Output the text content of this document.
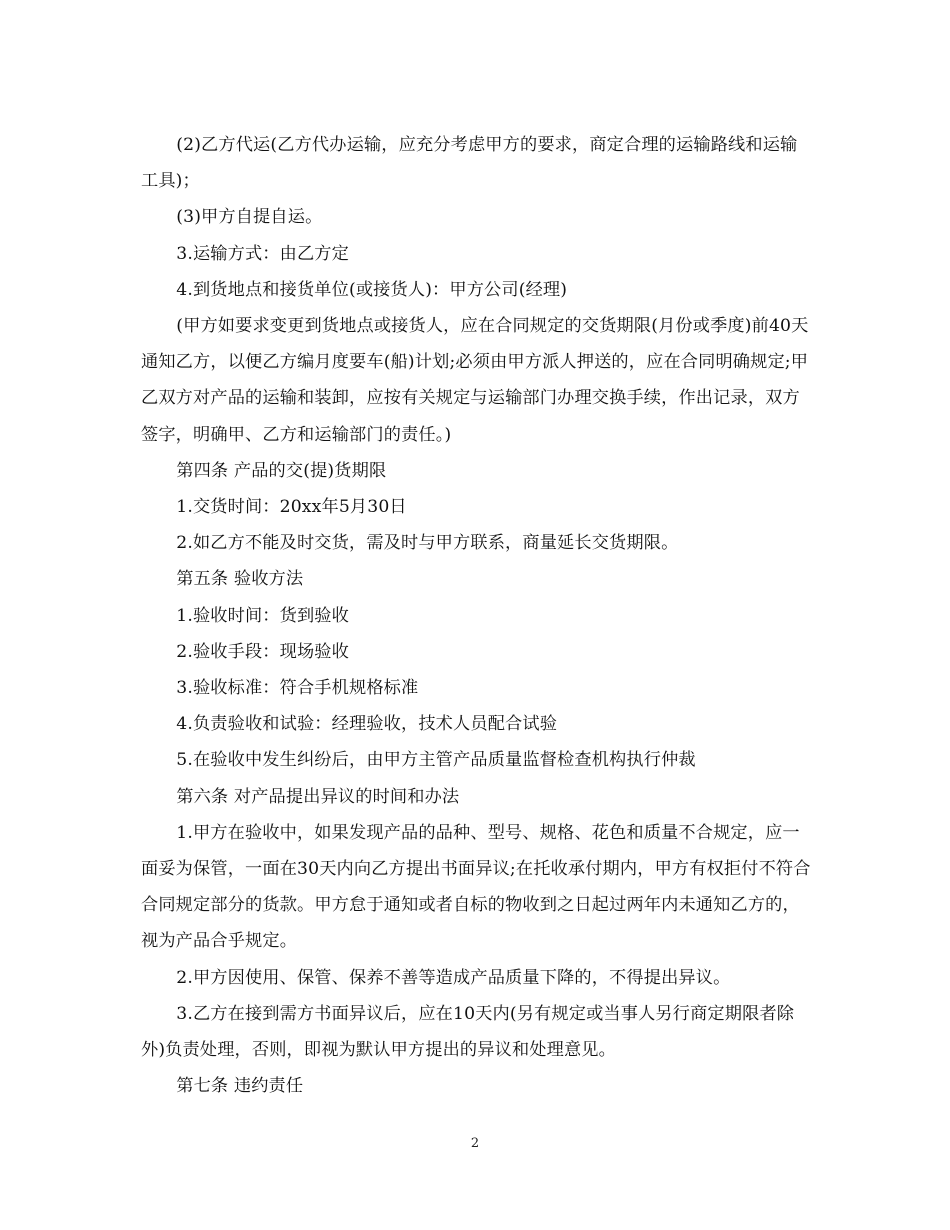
(2)乙方代运(乙方代办运输，应充分考虑甲方的要求，商定合理的运输路线和运输工具)；

(3)甲方自提自运。

3.运输方式：由乙方定

4.到货地点和接货单位(或接货人)：甲方公司(经理)

(甲方如要求变更到货地点或接货人，应在合同规定的交货期限(月份或季度)前40天通知乙方，以便乙方编月度要车(船)计划;必须由甲方派人押送的，应在合同明确规定;甲乙双方对产品的运输和装卸，应按有关规定与运输部门办理交换手续，作出记录，双方签字，明确甲、乙方和运输部门的责任。)

第四条 产品的交(提)货期限

1.交货时间：20xx年5月30日

2.如乙方不能及时交货，需及时与甲方联系，商量延长交货期限。

第五条 验收方法

1.验收时间：货到验收

2.验收手段：现场验收

3.验收标准：符合手机规格标准

4.负责验收和试验：经理验收，技术人员配合试验

5.在验收中发生纠纷后，由甲方主管产品质量监督检查机构执行仲裁

第六条 对产品提出异议的时间和办法

1.甲方在验收中，如果发现产品的品种、型号、规格、花色和质量不合规定，应一面妥为保管，一面在30天内向乙方提出书面异议;在托收承付期内，甲方有权拒付不符合合同规定部分的货款。甲方怠于通知或者自标的物收到之日起过两年内未通知乙方的，视为产品合乎规定。

2.甲方因使用、保管、保养不善等造成产品质量下降的，不得提出异议。

3.乙方在接到需方书面异议后，应在10天内(另有规定或当事人另行商定期限者除外)负责处理，否则，即视为默认甲方提出的异议和处理意见。

第七条 违约责任

2
